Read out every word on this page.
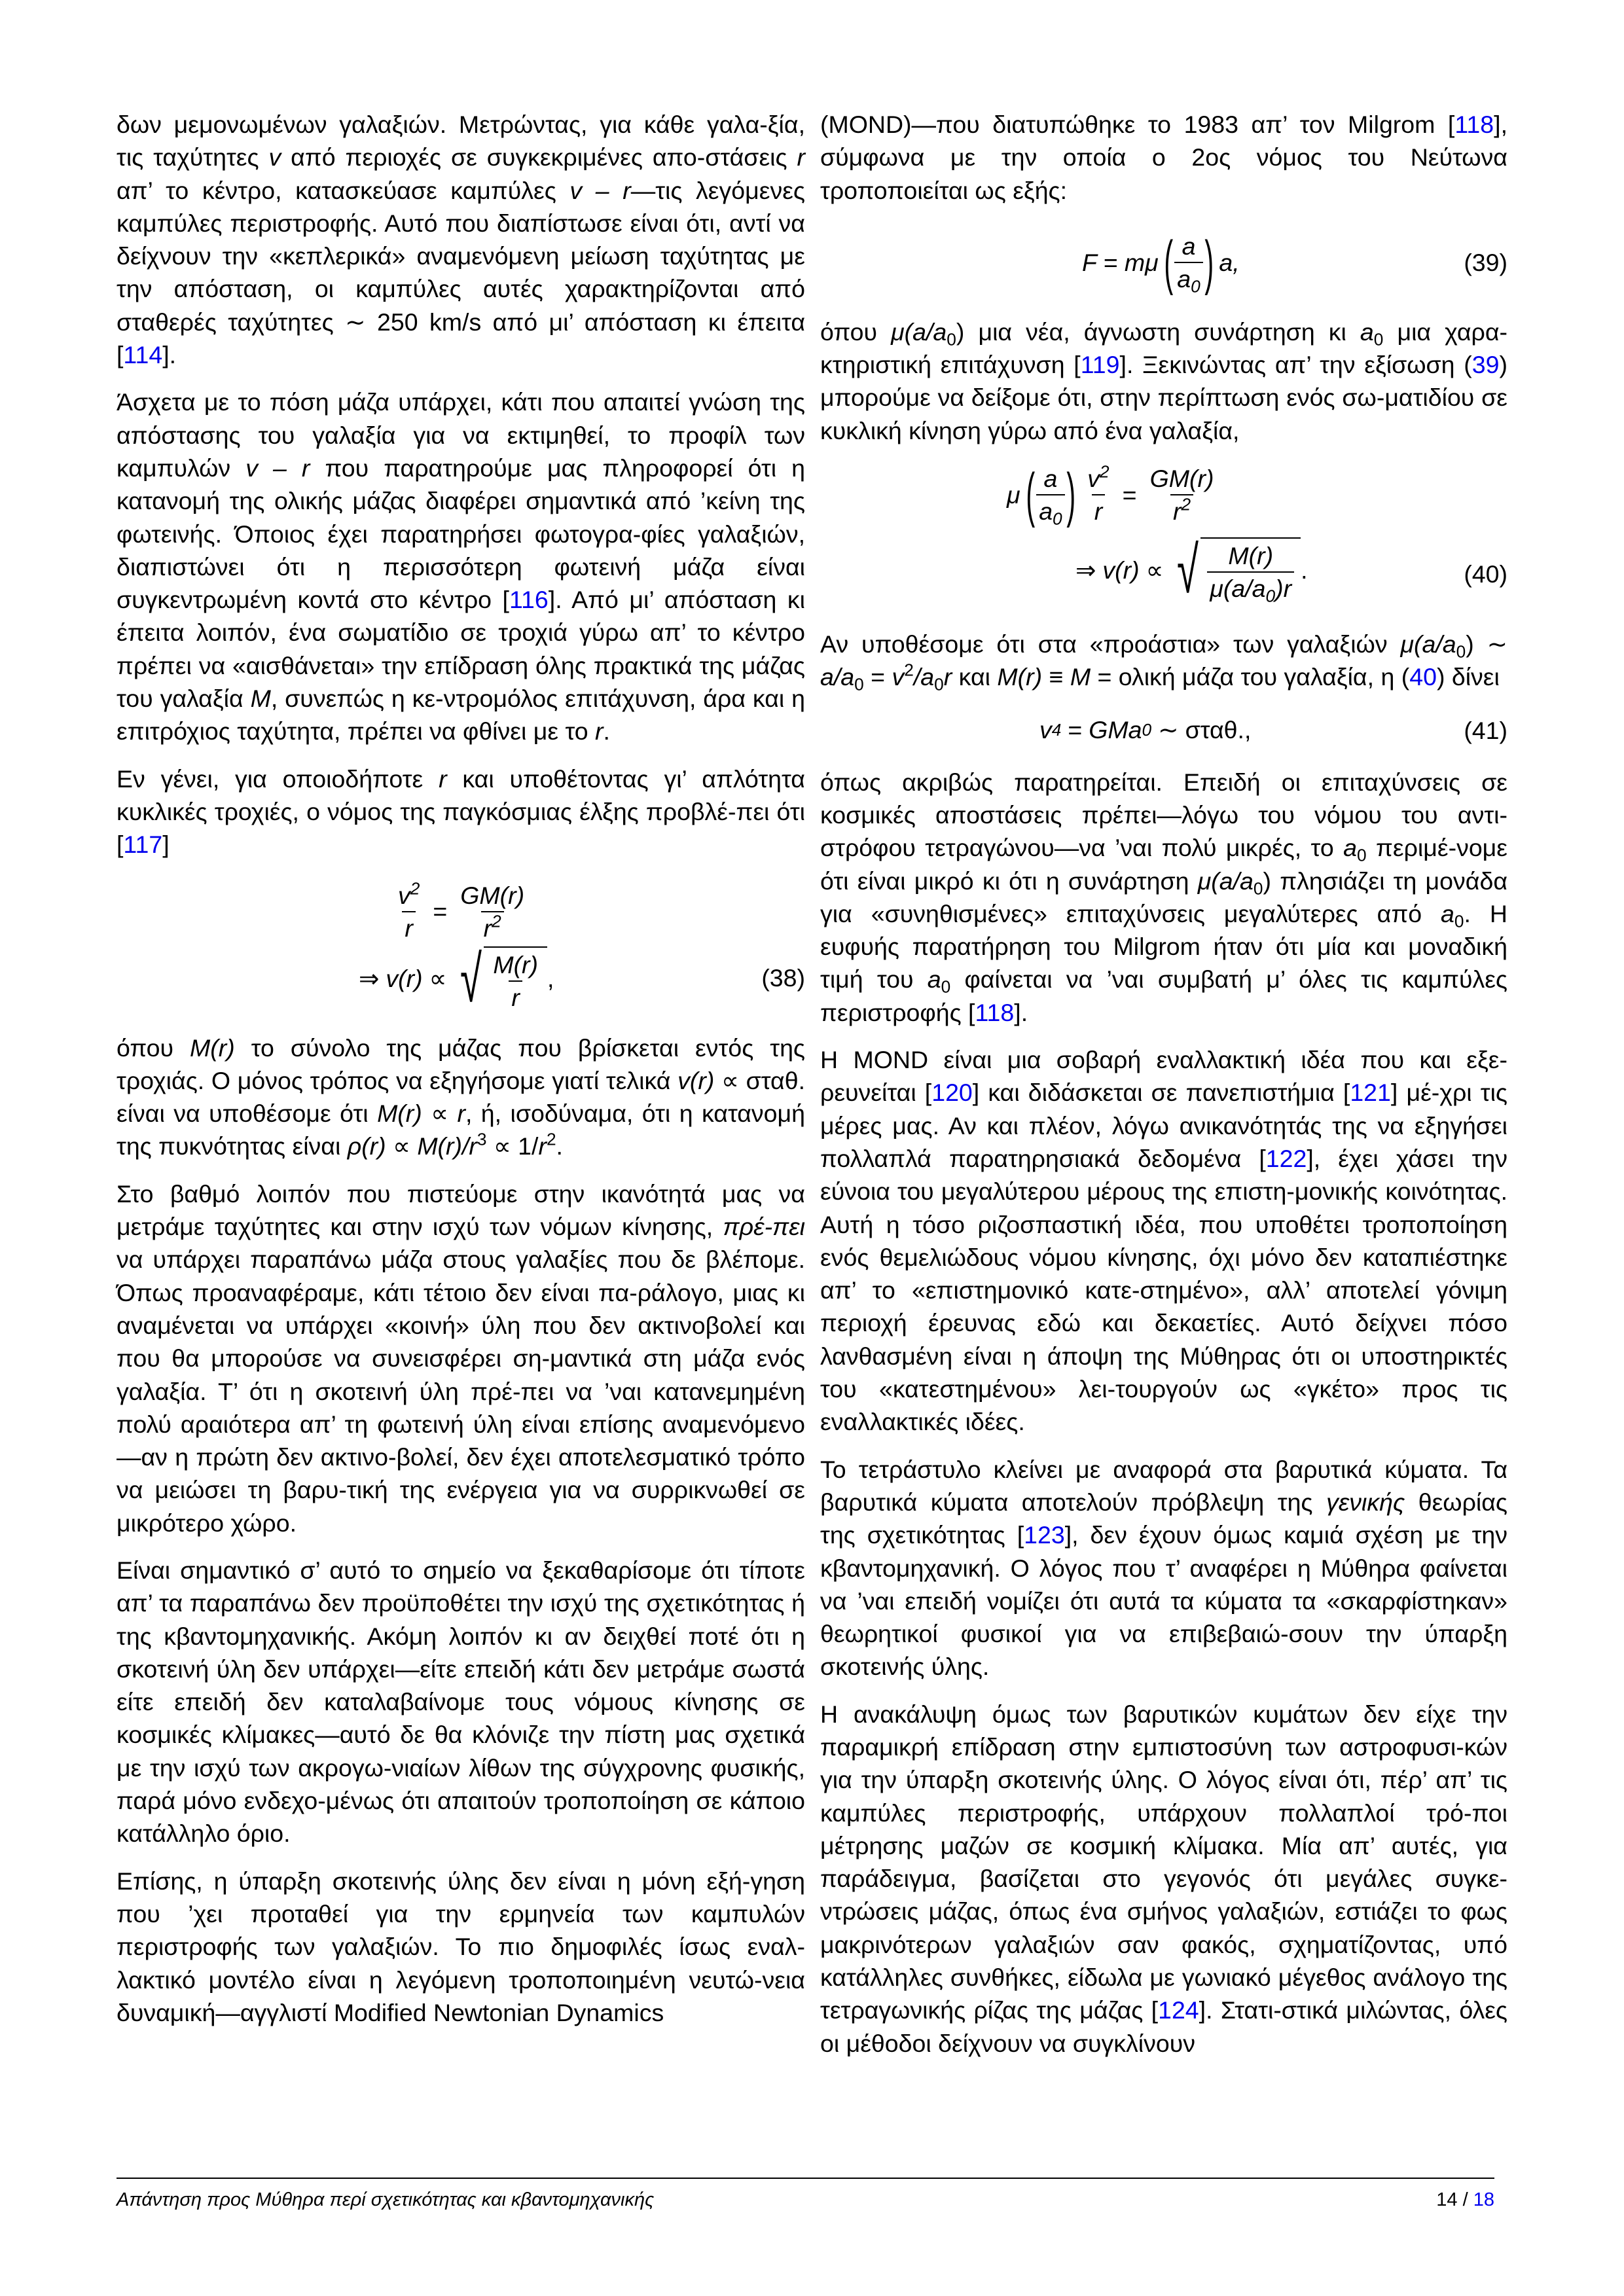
δων μεμονωμένων γαλαξιών. Μετρώντας, για κάθε γαλα-ξία, τις ταχύτητες v από περιοχές σε συγκεκριμένες απο-στάσεις r απ’ το κέντρο, κατασκεύασε καμπύλες v – r—τις λεγόμενες καμπύλες περιστροφής. Αυτό που διαπίστωσε είναι ότι, αντί να δείχνουν την «κεπλερικά» αναμενόμενη μείωση ταχύτητας με την απόσταση, οι καμπύλες αυτές χαρακτηρίζονται από σταθερές ταχύτητες ∼ 250 km/s από μι’ απόσταση κι έπειτα [114].

Άσχετα με το πόση μάζα υπάρχει, κάτι που απαιτεί γνώση της απόστασης του γαλαξία για να εκτιμηθεί, το προφίλ των καμπυλών v – r που παρατηρούμε μας πληροφορεί ότι η κατανομή της ολικής μάζας διαφέρει σημαντικά από ’κείνη της φωτεινής. Όποιος έχει παρατηρήσει φωτογρα-φίες γαλαξιών, διαπιστώνει ότι η περισσότερη φωτεινή μάζα είναι συγκεντρωμένη κοντά στο κέντρο [116]. Από μι’ απόσταση κι έπειτα λοιπόν, ένα σωματίδιο σε τροχιά γύρω απ’ το κέντρο πρέπει να «αισθάνεται» την επίδραση όλης πρακτικά της μάζας του γαλαξία M, συνεπώς η κε-ντρομόλος επιτάχυνση, άρα και η επιτρόχιος ταχύτητα, πρέπει να φθίνει με το r.

Εν γένει, για οποιοδήποτε r και υποθέτοντας γι’ απλότητα κυκλικές τροχιές, ο νόμος της παγκόσμιας έλξης προβλέ-πει ότι [117]

$\frac{v^2}{r} = \frac{GM(r)}{r^2}$
⇒ v(r) ∝ √ $\frac{M(r)}{r}$ ,	(38)

όπου M(r) το σύνολο της μάζας που βρίσκεται εντός της τροχιάς. Ο μόνος τρόπος να εξηγήσομε γιατί τελικά v(r) ∝ σταθ. είναι να υποθέσομε ότι M(r) ∝ r, ή, ισοδύναμα, ότι η κατανομή της πυκνότητας είναι $\rho(r) \propto M(r)/r^3 \propto 1/r^2$.

Στο βαθμό λοιπόν που πιστεύομε στην ικανότητά μας να μετράμε ταχύτητες και στην ισχύ των νόμων κίνησης, πρέ-πει να υπάρχει παραπάνω μάζα στους γαλαξίες που δε βλέπομε. Όπως προαναφέραμε, κάτι τέτοιο δεν είναι πα-ράλογο, μιας κι αναμένεται να υπάρχει «κοινή» ύλη που δεν ακτινοβολεί και που θα μπορούσε να συνεισφέρει ση-μαντικά στη μάζα ενός γαλαξία. Τ’ ότι η σκοτεινή ύλη πρέ-πει να ’ναι κατανεμημένη πολύ αραιότερα απ’ τη φωτεινή ύλη είναι επίσης αναμενόμενο—αν η πρώτη δεν ακτινο-βολεί, δεν έχει αποτελεσματικό τρόπο να μειώσει τη βαρυ-τική της ενέργεια για να συρρικνωθεί σε μικρότερο χώρο.

Είναι σημαντικό σ’ αυτό το σημείο να ξεκαθαρίσομε ότι τίποτε απ’ τα παραπάνω δεν προϋποθέτει την ισχύ της σχετικότητας ή της κβαντομηχανικής. Ακόμη λοιπόν κι αν δειχθεί ποτέ ότι η σκοτεινή ύλη δεν υπάρχει—είτε επειδή κάτι δεν μετράμε σωστά είτε επειδή δεν καταλαβαίνομε τους νόμους κίνησης σε κοσμικές κλίμακες—αυτό δε θα κλόνιζε την πίστη μας σχετικά με την ισχύ των ακρογω-νιαίων λίθων της σύγχρονης φυσικής, παρά μόνο ενδεχο-μένως ότι απαιτούν τροποποίηση σε κάποιο κατάλληλο όριο.

Επίσης, η ύπαρξη σκοτεινής ύλης δεν είναι η μόνη εξή-γηση που ’χει προταθεί για την ερμηνεία των καμπυλών περιστροφής των γαλαξιών. Το πιο δημοφιλές ίσως εναλ-λακτικό μοντέλο είναι η λεγόμενη τροποποιημένη νευτώ-νεια δυναμική—αγγλιστί Modified Newtonian Dynamics

(MOND)—που διατυπώθηκε το 1983 απ’ τον Milgrom [118], σύμφωνα με την οποία ο 2ος νόμος του Νεύτωνα τροποποιείται ως εξής:

F = mμ ( $\frac{a}{a_0}$ ) a,	(39)

όπου $\mu(a/a_0)$ μια νέα, άγνωστη συνάρτηση κι $a_0$ μια χαρα-κτηριστική επιτάχυνση [119]. Ξεκινώντας απ’ την εξίσωση (39) μπορούμε να δείξομε ότι, στην περίπτωση ενός σω-ματιδίου σε κυκλική κίνηση γύρω από ένα γαλαξία,

μ ( $\frac{a}{a_0}$ ) $\frac{v^2}{r} = \frac{GM(r)}{r^2}$
⇒ v(r) ∝ √ $\frac{M(r)}{\mu(a/a_0)r}$ .	(40)

Αν υποθέσομε ότι στα «προάστια» των γαλαξιών $\mu(a/a_0)$ ∼ $a/a_0 = v^2/a_0r$ και M(r) ≡ M = ολική μάζα του γαλαξία, η (40) δίνει

v 4 = GMa 0 ∼ σταθ.,	(41)

όπως ακριβώς παρατηρείται. Επειδή οι επιταχύνσεις σε κοσμικές αποστάσεις πρέπει—λόγω του νόμου του αντι-στρόφου τετραγώνου—να ’ναι πολύ μικρές, το $a_0$ περιμέ-νομε ότι είναι μικρό κι ότι η συνάρτηση $\mu(a/a_0)$ πλησιάζει τη μονάδα για «συνηθισμένες» επιταχύνσεις μεγαλύτερες από $a_0$. Η ευφυής παρατήρηση του Milgrom ήταν ότι μία και μοναδική τιμή του $a_0$ φαίνεται να ’ναι συμβατή μ’ όλες τις καμπύλες περιστροφής [118].

Η MOND είναι μια σοβαρή εναλλακτική ιδέα που και εξε-ρευνείται [120] και διδάσκεται σε πανεπιστήμια [121] μέ-χρι τις μέρες μας. Αν και πλέον, λόγω ανικανότητάς της να εξηγήσει πολλαπλά παρατηρησιακά δεδομένα [122], έχει χάσει την εύνοια του μεγαλύτερου μέρους της επιστη-μονικής κοινότητας. Αυτή η τόσο ριζοσπαστική ιδέα, που υποθέτει τροποποίηση ενός θεμελιώδους νόμου κίνησης, όχι μόνο δεν καταπιέστηκε απ’ το «επιστημονικό κατε-στημένο», αλλ’ αποτελεί γόνιμη περιοχή έρευνας εδώ και δεκαετίες. Αυτό δείχνει πόσο λανθασμένη είναι η άποψη της Μύθηρας ότι οι υποστηρικτές του «κατεστημένου» λει-τουργούν ως «γκέτο» προς τις εναλλακτικές ιδέες.

Το τετράστυλο κλείνει με αναφορά στα βαρυτικά κύματα. Τα βαρυτικά κύματα αποτελούν πρόβλεψη της γενικής θεωρίας της σχετικότητας [123], δεν έχουν όμως καμιά σχέση με την κβαντομηχανική. Ο λόγος που τ’ αναφέρει η Μύθηρα φαίνεται να ’ναι επειδή νομίζει ότι αυτά τα κύματα τα «σκαρφίστηκαν» θεωρητικοί φυσικοί για να επιβεβαιώ-σουν την ύπαρξη σκοτεινής ύλης.

Η ανακάλυψη όμως των βαρυτικών κυμάτων δεν είχε την παραμικρή επίδραση στην εμπιστοσύνη των αστροφυσι-κών για την ύπαρξη σκοτεινής ύλης. Ο λόγος είναι ότι, πέρ’ απ’ τις καμπύλες περιστροφής, υπάρχουν πολλαπλοί τρό-ποι μέτρησης μαζών σε κοσμική κλίμακα. Μία απ’ αυτές, για παράδειγμα, βασίζεται στο γεγονός ότι μεγάλες συγκε-ντρώσεις μάζας, όπως ένα σμήνος γαλαξιών, εστιάζει το φως μακρινότερων γαλαξιών σαν φακός, σχηματίζοντας, υπό κατάλληλες συνθήκες, είδωλα με γωνιακό μέγεθος ανάλογο της τετραγωνικής ρίζας της μάζας [124]. Στατι-στικά μιλώντας, όλες οι μέθοδοι δείχνουν να συγκλίνουν

Απάντηση προς Μύθηρα περί σχετικότητας και κβαντομηχανικής	14 / 18
